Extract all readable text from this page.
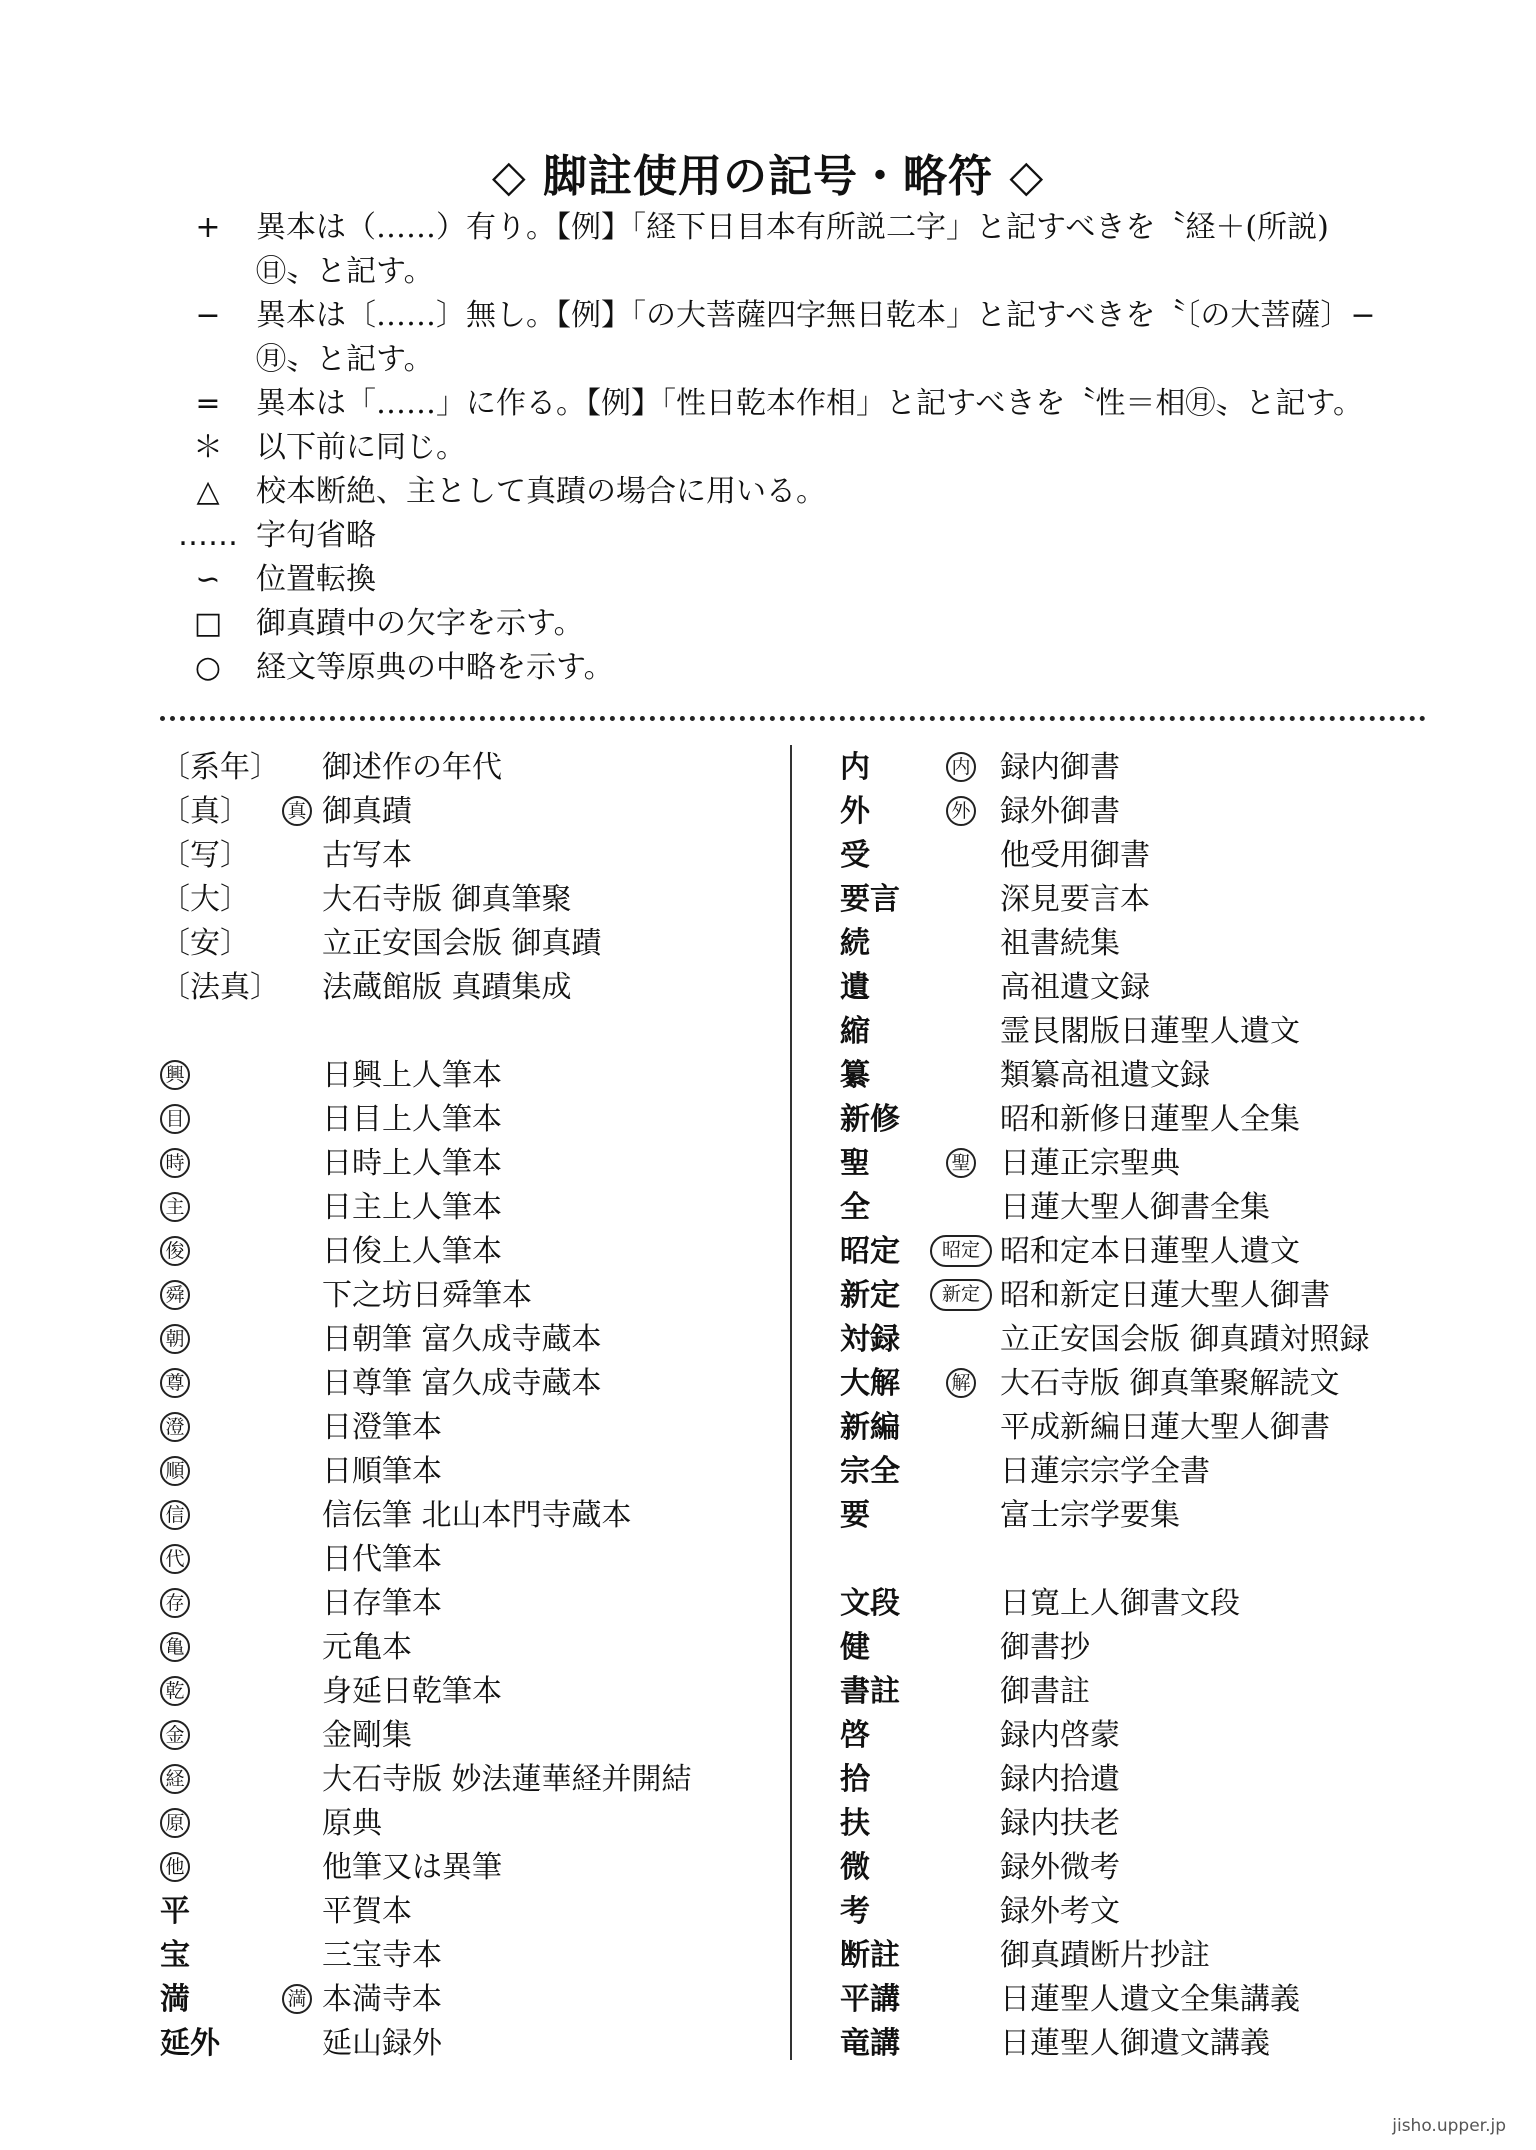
◇ 脚註使用の記号・略符 ◇
+	異本は（……）有り。【例】「経下日目本有所説二字」と記すべきを〝経＋(所説)
㊐〟と記す。
−	異本は〔……〕無し。【例】「の大菩薩四字無日乾本」と記すべきを〝〔の大菩薩〕−
㊊〟と記す。
=	異本は「……」に作る。【例】「性日乾本作相」と記すべきを〝性＝相㊊〟と記す。
＊	以下前に同じ。
△	校本断絶、主として真蹟の場合に用いる。
…… 字句省略
∽	位置転換
□	御真蹟中の欠字を示す。
○	経文等原典の中略を示す。
〔系年〕 御述作の年代
〔真〕	真 御真蹟
〔写〕	古写本
〔大〕	大石寺版 御真筆聚
〔安〕	立正安国会版 御真蹟
〔法真〕 法蔵館版 真蹟集成
興	日興上人筆本
目	日目上人筆本
時	日時上人筆本
主	日主上人筆本
俊	日俊上人筆本
舜	下之坊日舜筆本
朝	日朝筆 富久成寺蔵本
尊	日尊筆 富久成寺蔵本
澄	日澄筆本
順	日順筆本
信	信伝筆 北山本門寺蔵本
代	日代筆本
存	日存筆本
亀	元亀本
乾	身延日乾筆本
金	金剛集
経	大石寺版 妙法蓮華経并開結
原	原典
他	他筆又は異筆
平	平賀本
宝	三宝寺本
満	満 本満寺本
延外	延山録外
内	内 録内御書
外	外 録外御書
受	他受用御書
要言	深見要言本
続	祖書続集
遺	高祖遺文録
縮	霊艮閣版日蓮聖人遺文
纂	類纂高祖遺文録
新修	昭和新修日蓮聖人全集
聖	聖 日蓮正宗聖典
全	日蓮大聖人御書全集
昭定	昭定 昭和定本日蓮聖人遺文
新定	新定 昭和新定日蓮大聖人御書
対録	立正安国会版 御真蹟対照録
大解	解 大石寺版 御真筆聚解読文
新編	平成新編日蓮大聖人御書
宗全	日蓮宗宗学全書
要	富士宗学要集
文段	日寛上人御書文段
健	御書抄
書註	御書註
啓	録内啓蒙
拾	録内拾遺
扶	録内扶老
微	録外微考
考	録外考文
断註	御真蹟断片抄註
平講	日蓮聖人遺文全集講義
竜講	日蓮聖人御遺文講義
jisho.upper.jp
